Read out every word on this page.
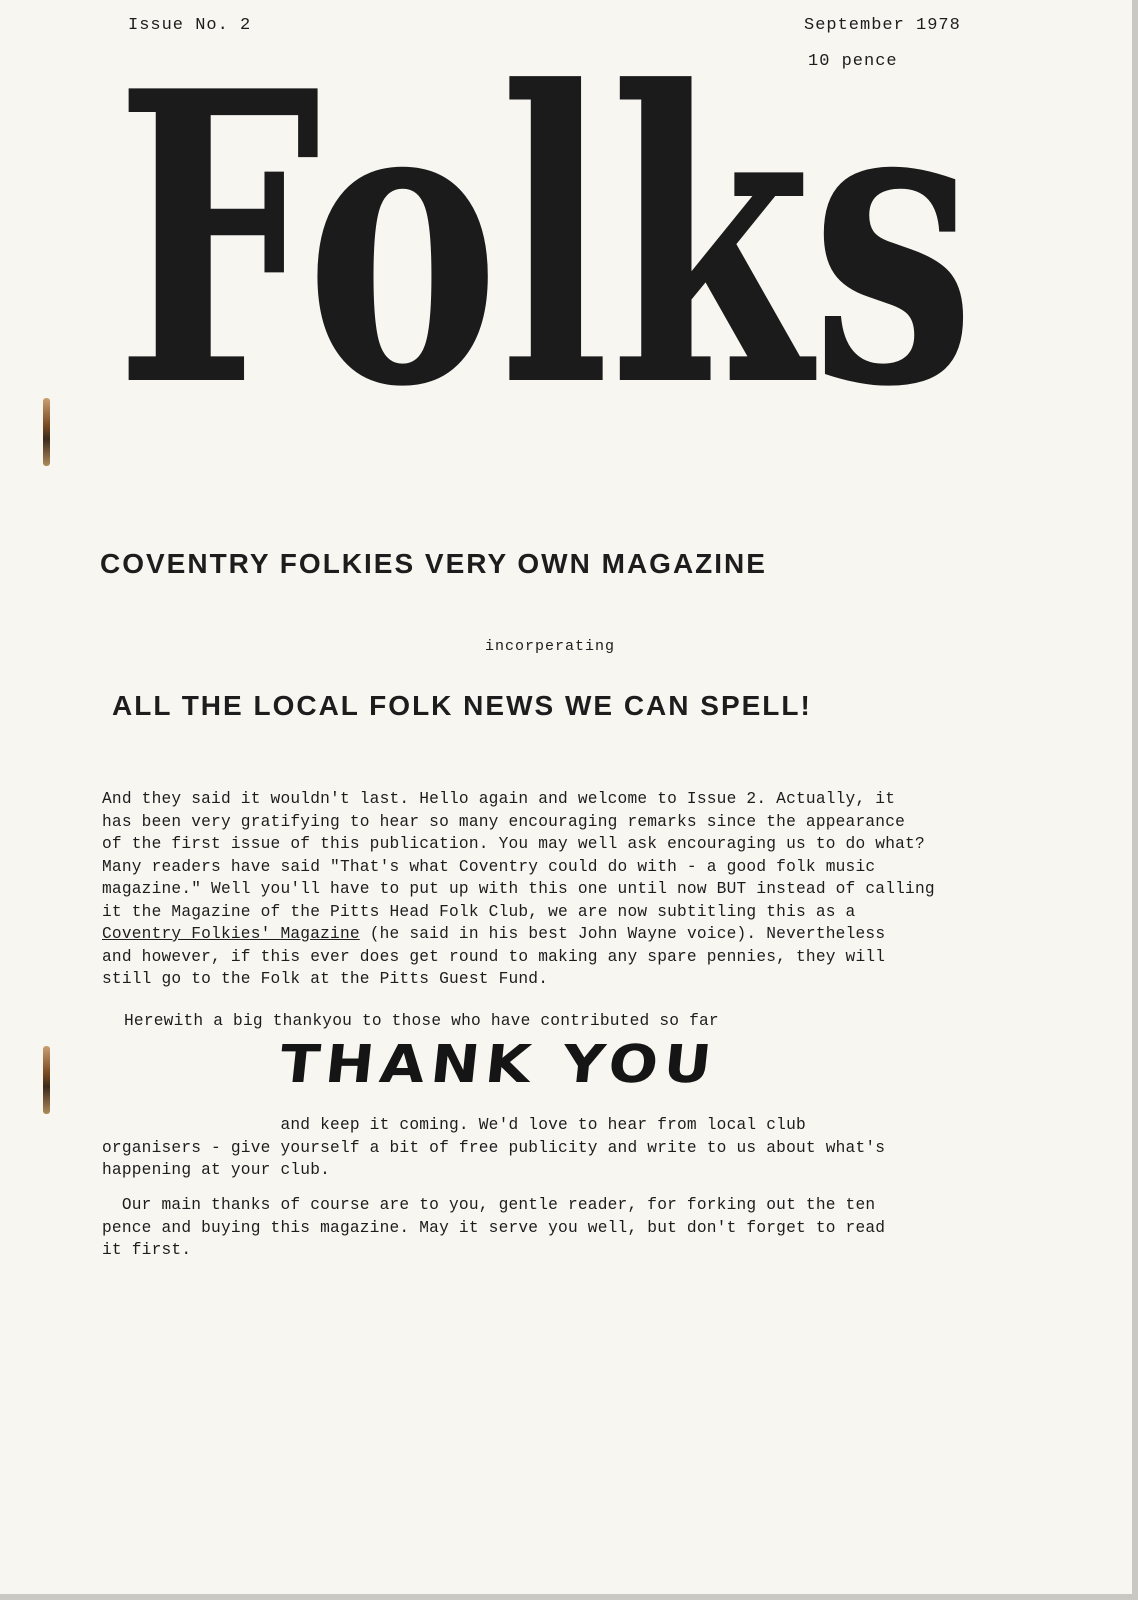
Issue No. 2	September 1978
10 pence
Folks
COVENTRY FOLKIES VERY OWN MAGAZINE
incorperating
ALL THE LOCAL FOLK NEWS WE CAN SPELL!
And they said it wouldn't last. Hello again and welcome to Issue 2. Actually, it
has been very gratifying to hear so many encouraging remarks since the appearance
of the first issue of this publication. You may well ask encouraging us to do what?
Many readers have said "That's what Coventry could do with - a good folk music
magazine." Well you'll have to put up with this one until now BUT instead of calling
it the Magazine of the Pitts Head Folk Club, we are now subtitling this as a
Coventry Folkies' Magazine (he said in his best John Wayne voice). Nevertheless
and however, if this ever does get round to making any spare pennies, they will
still go to the Folk at the Pitts Guest Fund.
Herewith a big thankyou to those who have contributed so far
THANK YOU
and keep it coming. We'd love to hear from local club
organisers - give yourself a bit of free publicity and write to us about what's
happening at your club.
Our main thanks of course are to you, gentle reader, for forking out the ten
pence and buying this magazine. May it serve you well, but don't forget to read
it first.
